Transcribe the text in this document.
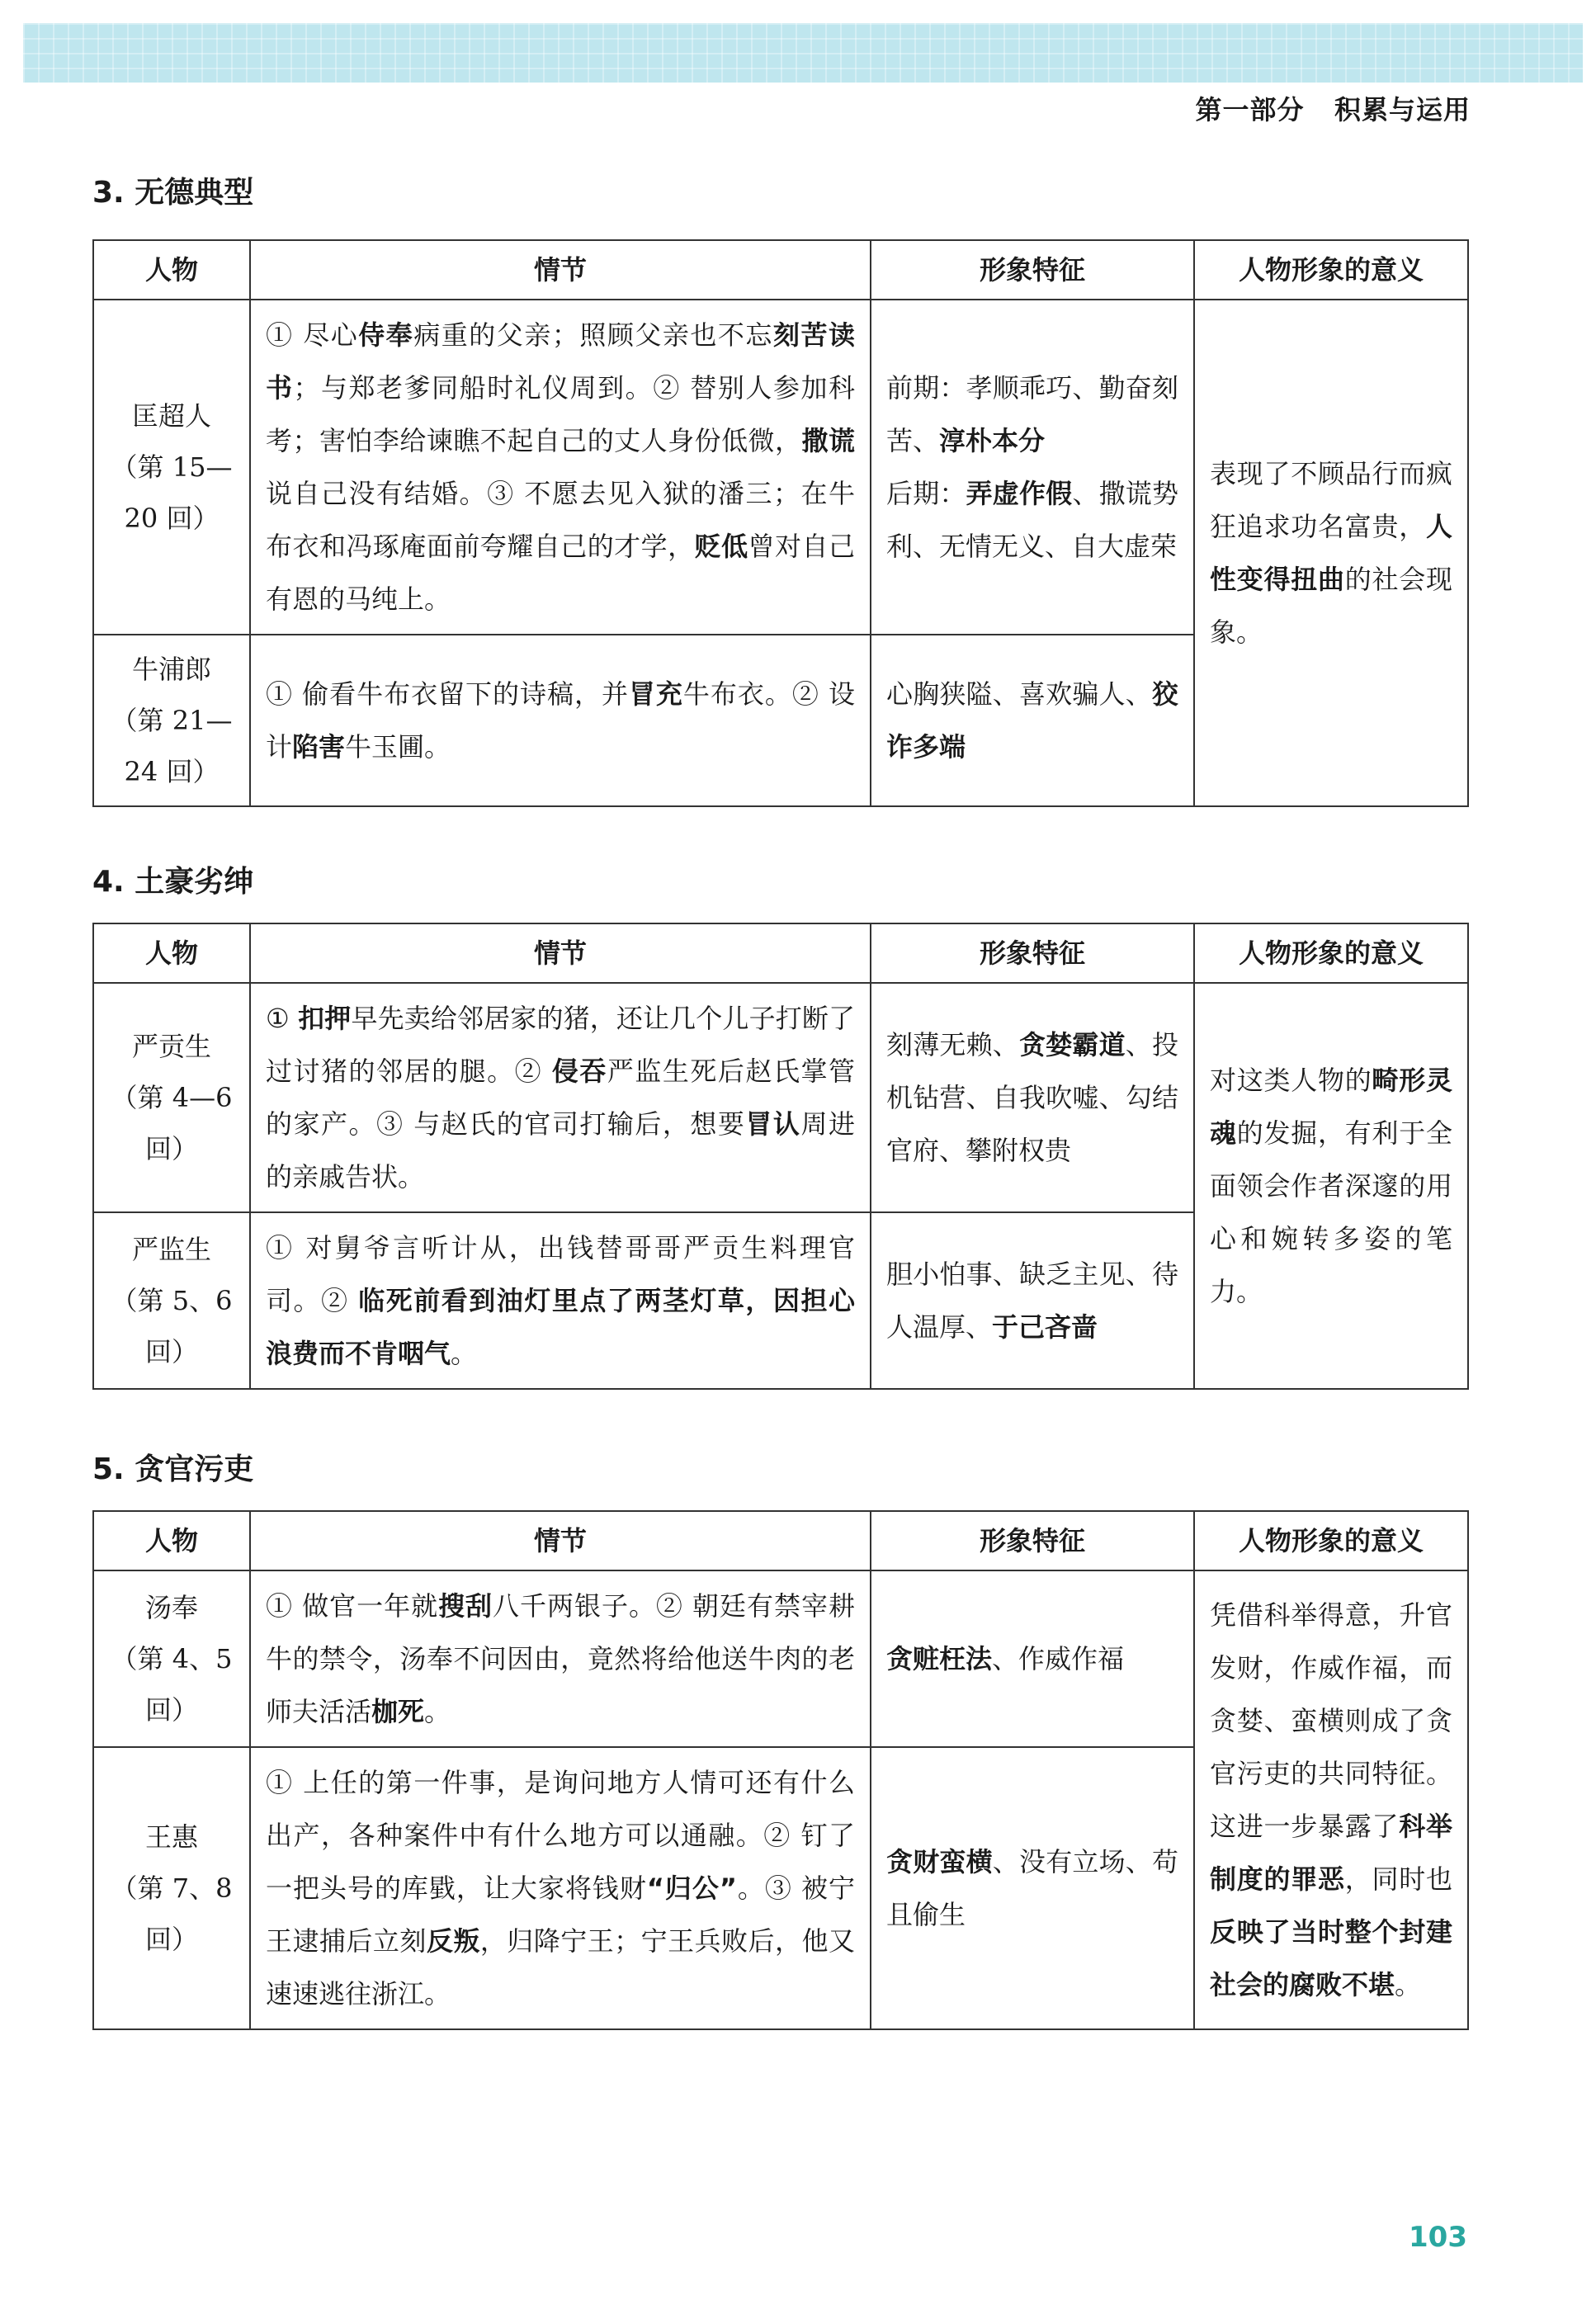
第一部分 积累与运用
3. 无德典型
人物	情节	形象特征	人物形象的意义

匡超人
（第 15— 20 回）	① 尽心侍奉病重的父亲；照顾父亲也不忘刻苦读书；与郑老爹同船时礼仪周到。② 替别人参加科考；害怕李给谏瞧不起自己的丈人身份低微，撒谎说自己没有结婚。③ 不愿去见入狱的潘三；在牛布衣和冯琢庵面前夸耀自己的才学，贬低曾对自己有恩的马纯上。	前期：孝顺乖巧、勤奋刻苦、淳朴本分
后期：弄虚作假、撒谎势利、无情无义、自大虚荣	表现了不顾品行而疯狂追求功名富贵，人性变得扭曲的社会现象。

牛浦郎
（第 21— 24 回）	① 偷看牛布衣留下的诗稿，并冒充牛布衣。② 设计陷害牛玉圃。	心胸狭隘、喜欢骗人、狡诈多端	
4. 土豪劣绅
人物	情节	形象特征	人物形象的意义

严贡生
（第 4—6 回）	① 扣押早先卖给邻居家的猪，还让几个儿子打断了过讨猪的邻居的腿。② 侵吞严监生死后赵氏掌管的家产。③ 与赵氏的官司打输后，想要冒认周进的亲戚告状。	刻薄无赖、贪婪霸道、投机钻营、自我吹嘘、勾结官府、攀附权贵	对这类人物的畸形灵魂的发掘，有利于全面领会作者深邃的用心和婉转多姿的笔力。

严监生
（第 5、6 回）	① 对舅爷言听计从，出钱替哥哥严贡生料理官司。② 临死前看到油灯里点了两茎灯草，因担心浪费而不肯咽气。	胆小怕事、缺乏主见、待人温厚、于己吝啬	
5. 贪官污吏
人物	情节	形象特征	人物形象的意义

汤奉
（第 4、5 回）	① 做官一年就搜刮八千两银子。② 朝廷有禁宰耕牛的禁令，汤奉不问因由，竟然将给他送牛肉的老师夫活活枷死。	贪赃枉法、作威作福	凭借科举得意，升官发财，作威作福，而贪婪、蛮横则成了贪官污吏的共同特征。这进一步暴露了科举制度的罪恶，同时也反映了当时整个封建社会的腐败不堪。

王惠
（第 7、8 回）	① 上任的第一件事，是询问地方人情可还有什么出产，各种案件中有什么地方可以通融。② 钉了一把头号的库戥，让大家将钱财“归公”。③ 被宁王逮捕后立刻反叛，归降宁王；宁王兵败后，他又速速逃往浙江。	贪财蛮横、没有立场、苟且偷生	
103
